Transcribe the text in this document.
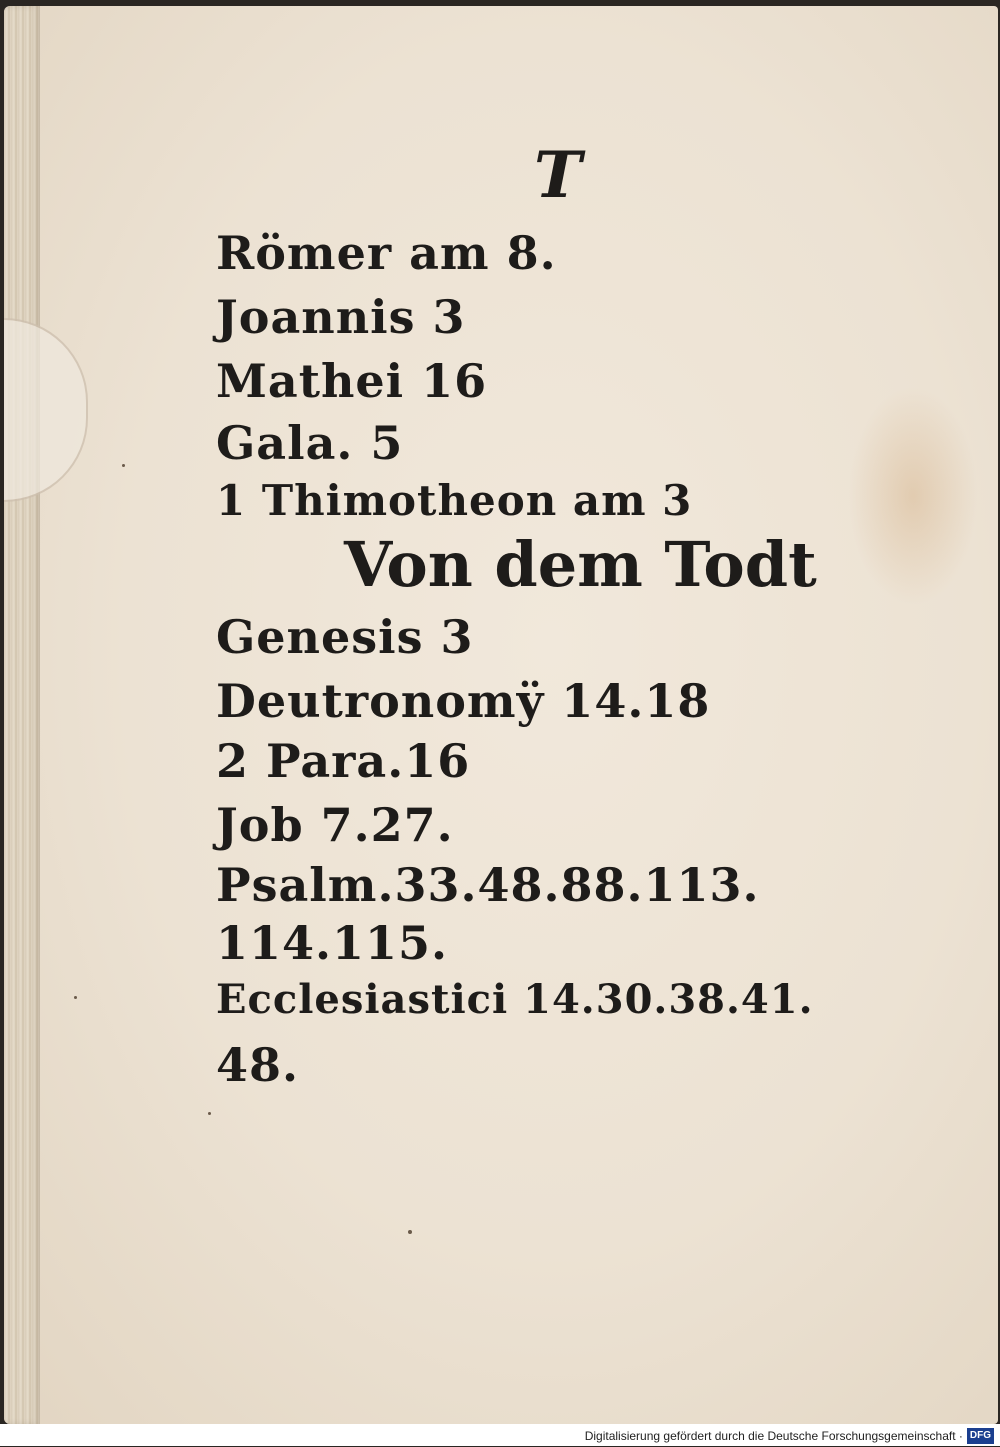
T
Römer am 8.
Joannis 3
Mathei 16
Gala. 5
1 Thimotheon am 3
Von dem Todt
Genesis 3
Deutronomÿ 14.18
2 Para.16
Job 7.27.
Psalm.33.48.88.113.
114.115.
Ecclesiastici 14.30.38.41.
48.
Digitalisierung gefördert durch die Deutsche Forschungsgemeinschaft · DFG
